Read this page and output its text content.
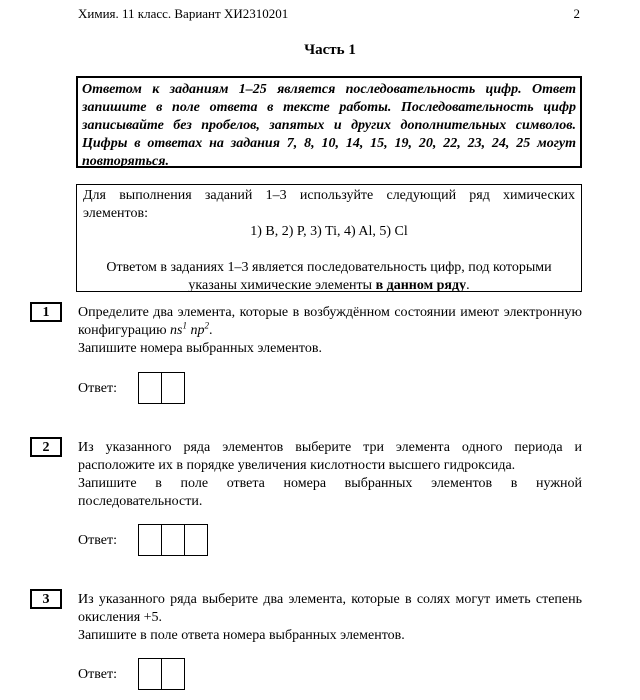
Химия. 11 класс. Вариант ХИ2310201	2
Часть 1
Ответом к заданиям 1–25 является последовательность цифр. Ответ запишите в поле ответа в тексте работы. Последовательность цифр записывайте без пробелов, запятых и других дополнительных символов. Цифры в ответах на задания 7, 8, 10, 14, 15, 19, 20, 22, 23, 24, 25 могут повторяться.

Для выполнения заданий 1–3 используйте следующий ряд химических элементов:

1) B, 2) P, 3) Ti, 4) Al, 5) Cl

Ответом в заданиях 1–3 является последовательность цифр, под которыми указаны химические элементы в данном ряду.

1	Определите два элемента, которые в возбуждённом состоянии имеют электронную конфигурацию $ns^1$ $np^2$.

Запишите номера выбранных элементов.

Ответ:
2	Из указанного ряда элементов выберите три элемента одного периода и расположите их в порядке увеличения кислотности высшего гидроксида.

Запишите в поле ответа номера выбранных элементов в нужной последовательности.

Ответ:
3	Из указанного ряда выберите два элемента, которые в солях могут иметь степень окисления +5.

Запишите в поле ответа номера выбранных элементов.

Ответ:
